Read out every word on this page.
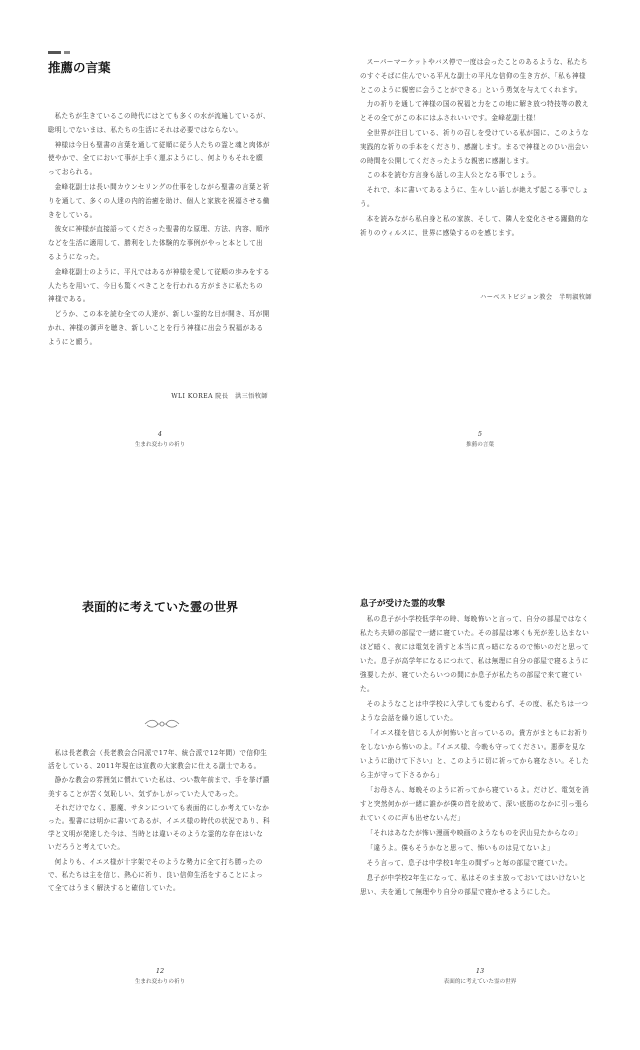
推薦の言葉

私たちが生きているこの時代にはとても多くの水が流遍しているが、聡明しでないまは、私たちの生活にそれは必要ではならない。

神様は今日も聖書の言葉を通して従順に従う人たちの霊と魂と肉体が使やかで、全てにおいて事が上手く運ぶようにし、何よりもそれを願っておられる。

金峰花副士は長い間カウンセリングの仕事をしながら聖書の言葉と祈りを通して、多くの人達の内的治癒を助け、個人と家族を祝福させる働きをしている。

彼女に神様が直接語ってくださった聖書的な原理、方法、内容、順序などを生活に適用して、勝利をした体験的な事例がやっと本として出るようになった。

金峰花副士のように、平凡ではあるが神様を愛して従順の歩みをする人たちを用いて、今日も驚くべきことを行われる方がまさに私たちの神様である。

どうか、この本を読む全ての人達が、新しい霊的な目が開き、耳が開かれ、神様の御声を聴き、新しいことを行う神様に出会う祝福があるようにと願う。

WLI KOREA 院長　洪三悟牧師
4
生まれ変わりの祈り

スーパーマーケットやバス停で一度は会ったことのあるような、私たちのすぐそばに住んでいる平凡な副士の平凡な信仰の生き方が、「私も神様とこのように親密に会うことができる」という勇気を与えてくれます。

力の祈りを通して神様の国の祝福と力をこの地に解き放つ特技等の教えとその全てがこの本にはふされいいです。金峰花副士様！

全世界が注目している、祈りの召しを受けている私が国に、このような実践的な祈りの手本をくださり、感謝します。まるで神様とのひい出会いの時間を公開してくださったような親密に感謝します。

この本を読む方言身も話しの主人公となる事でしょう。

それで、本に書いてあるように、生々しい話しが絶えず起こる事でしょう。

本を読みながら私自身と私の家族、そして、隣人を変化させる躍動的な祈りのウィルスに、世界に感染するのを感じます。

ハーベストビジョン教会　半明淑牧師
5
推薦の言葉
表面的に考えていた霊の世界

私は長老教会（長老教会合同派で17年、統合派で12年間）で信仰生活をしている、2011年現在は宣教の大家教会に仕える副士である。

静かな教会の雰囲気に慣れていた私は、つい数年前まで、手を挙げ讃美することが苦く気恥しい、気ずかしがっていた人であった。

それだけでなく、悪魔、サタンについても表面的にしか考えていなかった。聖書には明かに書いてあるが、イエス様の時代の状況であり、科学と文明が発達した今は、当時とは違いそのような霊的な存在はいないだろうと考えていた。

何よりも、イエス様が十字架でそのような勢力に全て打ち勝ったので、私たちは主を信じ、熱心に祈り、良い信仰生活をすることによって全てはうまく解決すると確信していた。

12
生まれ変わりの祈り
息子が受けた霊的攻撃

私の息子が小学校低学年の時、毎晩怖いと言って、自分の部屋ではなく私たち夫婦の部屋で一緒に寝ていた。その部屋は寒くも光が差し込まないほど暗く、夜には電気を消すと本当に真っ暗になるので怖いのだと思っていた。息子が高学年になるにつれて、私は無理に自分の部屋で寝るように強要したが、寝ていたらいつの間にか息子が私たちの部屋で来て寝ていた。

そのようなことは中学校に入学しても変わらず、その度、私たちは一つような会話を繰り返していた。

「イエス様を信じる人が何怖いと言っているの。貴方がまともにお祈りをしないから怖いのよ。『イエス様、今晩も守ってください。悪夢を見ないように助けて下さい』と、このように切に祈ってから寝なさい。そしたら主が守って下さるから」

「お母さん、毎晩そのように祈ってから寝ているよ。だけど、電気を消すと突然何かが一緒に誰かが僕の首を絞めて、深い底筋のなかに引っ張られていくのに声も出せないんだ」

「それはあなたが怖い漫画や映画のようなものを沢山見たからなの」

「違うよ。僕もそうかなと思って、怖いものは見てないよ」

そう言って、息子は中学校1年生の間ずっと毎の部屋で寝ていた。

息子が中学校2年生になって、私はそのまま放っておいてはいけないと思い、夫を通して無理やり自分の部屋で寝かせるようにした。

13
表面的に考えていた霊の世界
